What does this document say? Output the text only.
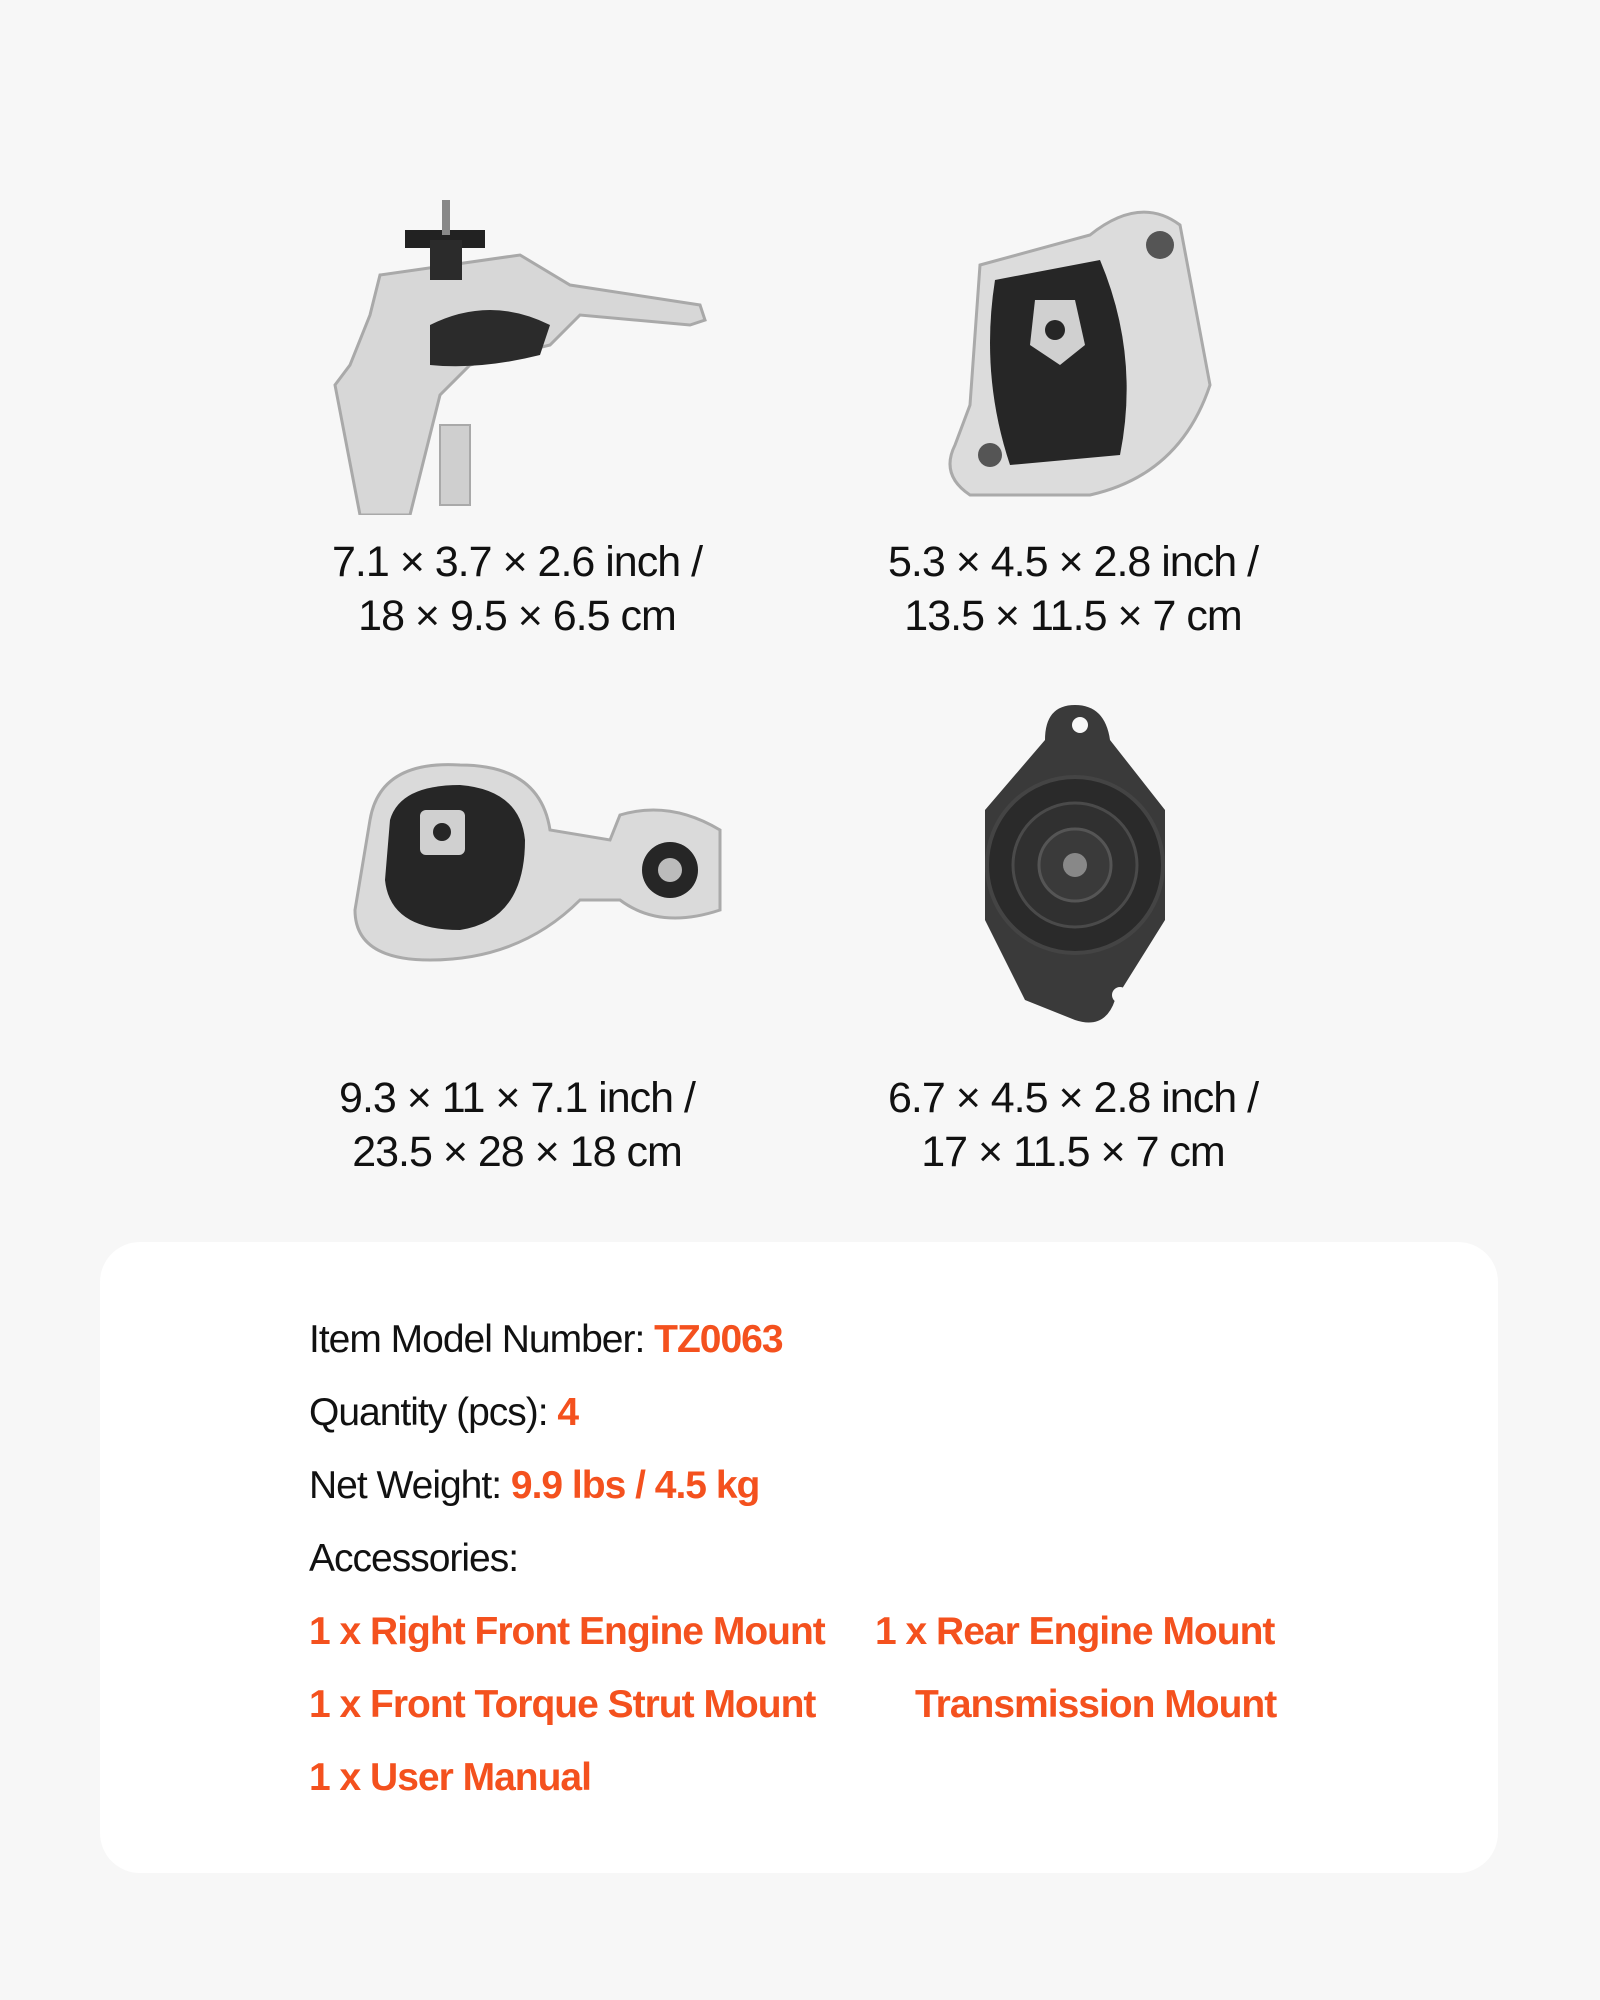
7.1 × 3.7 × 2.6 inch /
18 × 9.5 × 6.5 cm
5.3 × 4.5 × 2.8 inch /
13.5 × 11.5 × 7 cm
9.3 × 11 × 7.1 inch /
23.5 × 28 × 18 cm
6.7 × 4.5 × 2.8 inch /
17 × 11.5 × 7 cm
Item Model Number: TZ0063
Quantity (pcs): 4
Net Weight: 9.9 lbs / 4.5 kg
Accessories:
1 x Right Front Engine Mount 1 x Rear Engine Mount
1 x Front Torque Strut Mount	Transmission Mount
1 x User Manual
